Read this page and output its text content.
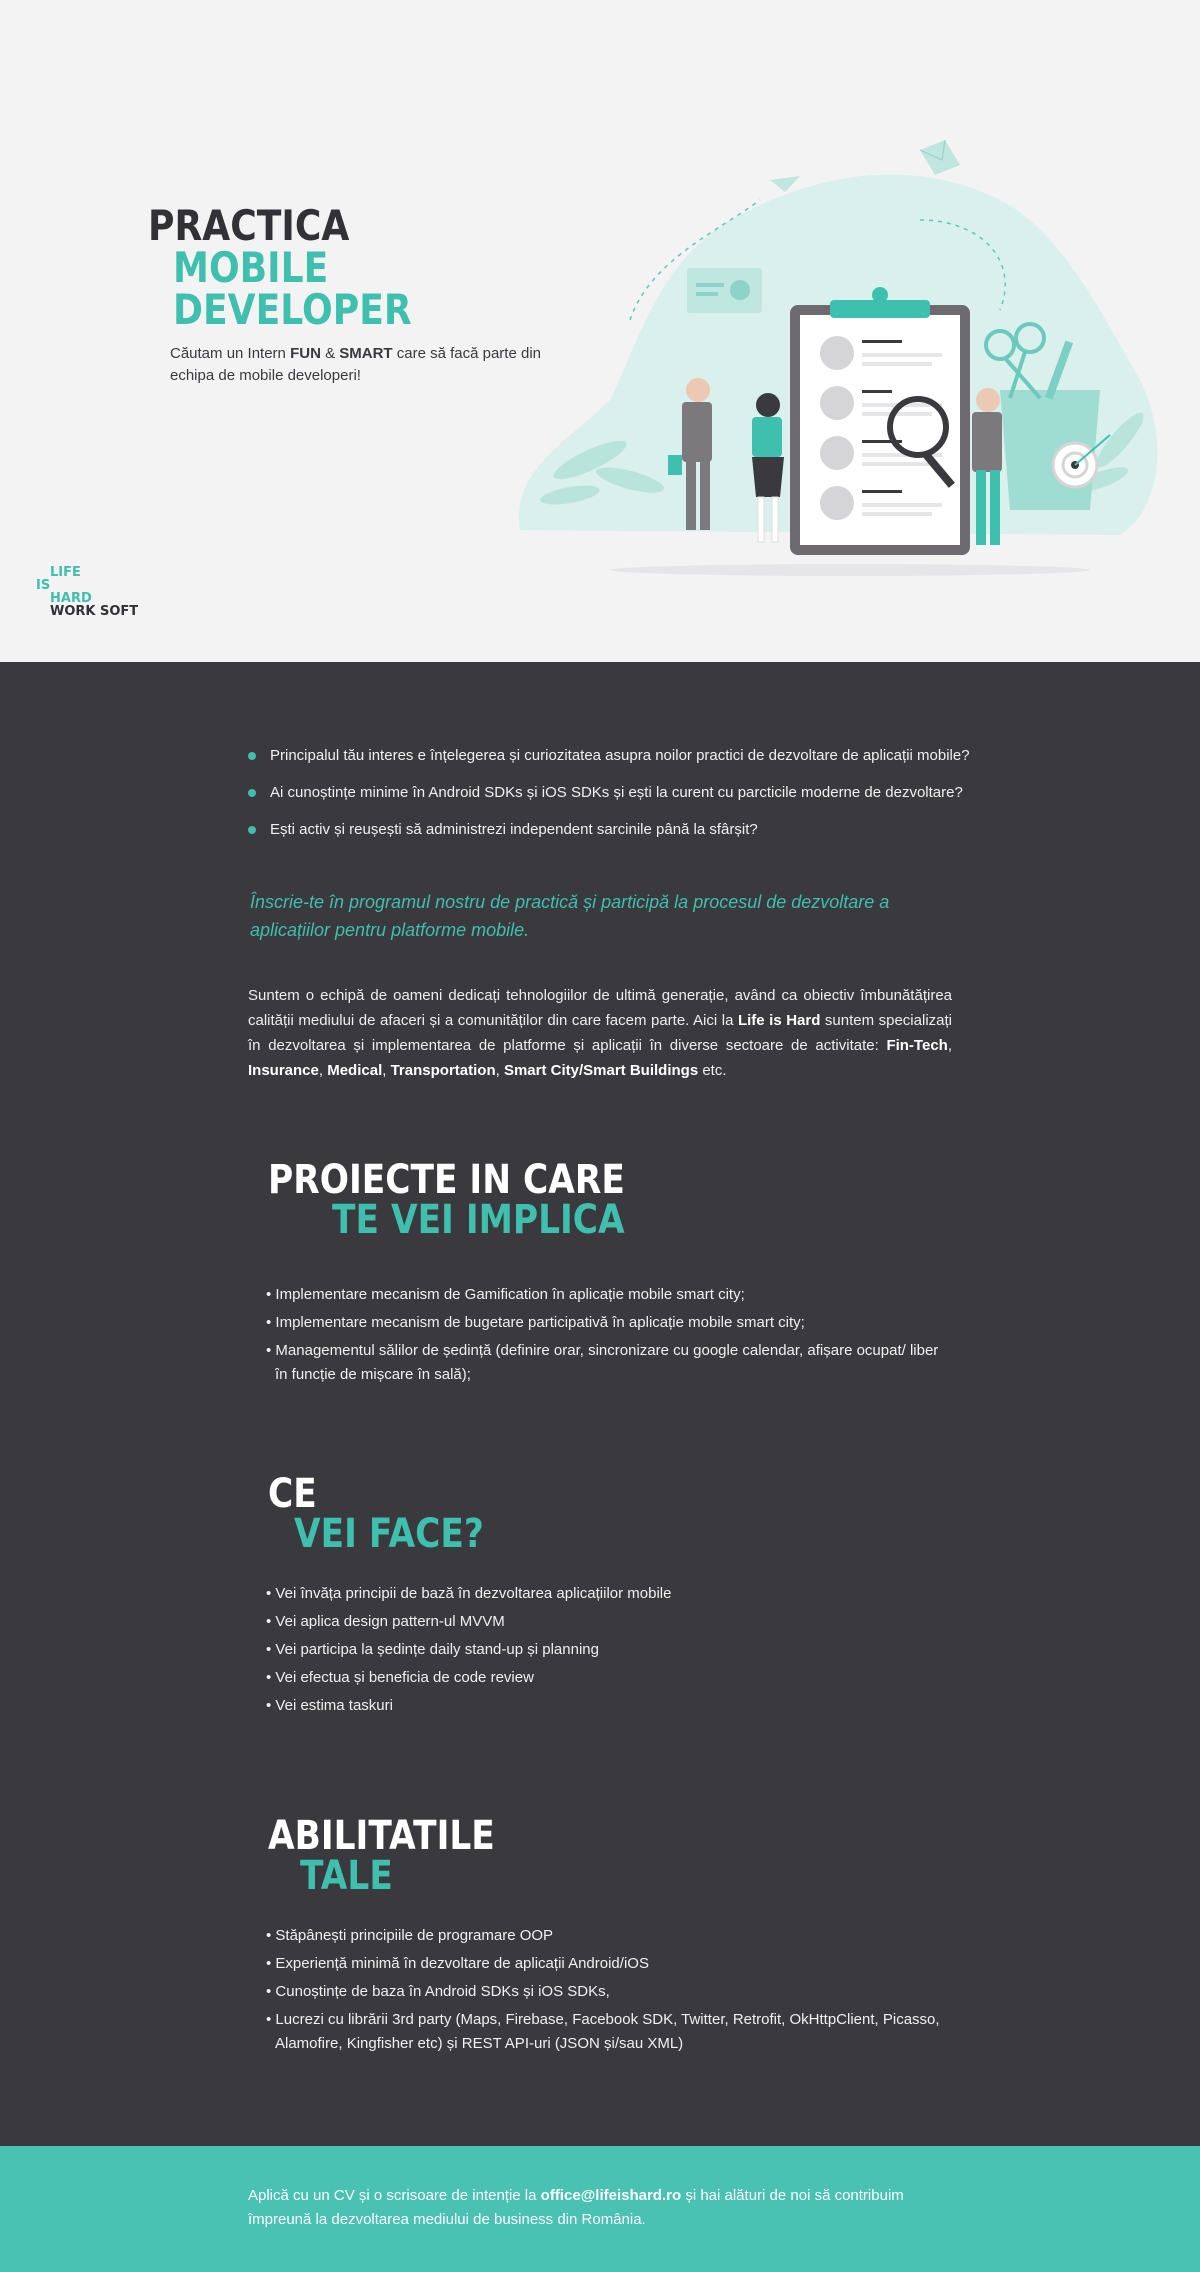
PRACTICA
MOBILE
DEVELOPER

Căutam un Intern FUN & SMART care să facă parte din echipa de mobile developeri!

LIFE
IS
HARD
WORK SOFT
Principalul tău interes e înțelegerea și curiozitatea asupra noilor practici de dezvoltare de aplicații mobile?
Ai cunoștințe minime în Android SDKs și iOS SDKs și ești la curent cu parcticile moderne de dezvoltare?
Ești activ și reușești să administrezi independent sarcinile până la sfârșit?

Înscrie-te în programul nostru de practică și participă la procesul de dezvoltare a aplicațiilor pentru platforme mobile.

Suntem o echipă de oameni dedicați tehnologiilor de ultimă generație, având ca obiectiv îmbunătățirea calității mediului de afaceri și a comunităților din care facem parte. Aici la Life is Hard suntem specializați în dezvoltarea și implementarea de platforme și aplicații în diverse sectoare de activitate: Fin-Tech, Insurance, Medical, Transportation, Smart City/Smart Buildings etc.

PROIECTE IN CARE
TE VEI IMPLICA
• Implementare mecanism de Gamification în aplicație mobile smart city;
• Implementare mecanism de bugetare participativă în aplicație mobile smart city;
• Managementul sălilor de ședință (definire orar, sincronizare cu google calendar, afișare ocupat/ liber în funcție de mișcare în sală);
CE
VEI FACE?
• Vei învăța principii de bază în dezvoltarea aplicațiilor mobile
• Vei aplica design pattern-ul MVVM
• Vei participa la ședințe daily stand-up și planning
• Vei efectua și beneficia de code review
• Vei estima taskuri
ABILITATILE
TALE
• Stăpânești principiile de programare OOP
• Experiență minimă în dezvoltare de aplicații Android/iOS
• Cunoștințe de baza în Android SDKs și iOS SDKs,
• Lucrezi cu librării 3rd party (Maps, Firebase, Facebook SDK, Twitter, Retrofit, OkHttpClient, Picasso, Alamofire, Kingfisher etc) și REST API-uri (JSON și/sau XML)

Aplică cu un CV și o scrisoare de intenție la office@lifeishard.ro și hai alături de noi să contribuim împreună la dezvoltarea mediului de business din România.
